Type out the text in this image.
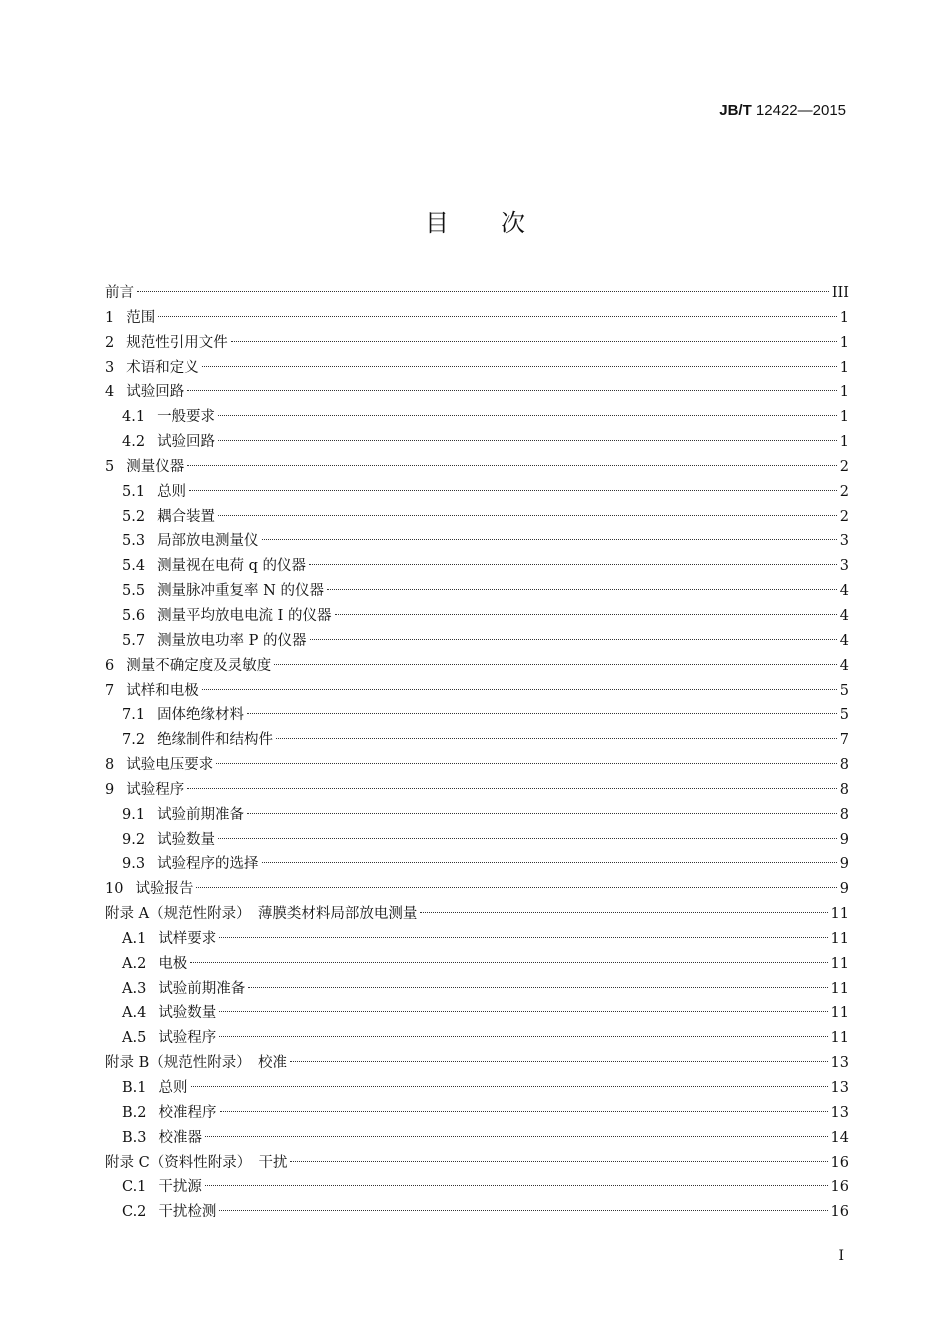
JB/T 12422—2015
目次
前言	III
1 范围	1
2 规范性引用文件	1
3 术语和定义	1
4 试验回路	1
4.1 一般要求	1
4.2 试验回路	1
5 测量仪器	2
5.1 总则	2
5.2 耦合装置	2
5.3 局部放电测量仪	3
5.4 测量视在电荷 q 的仪器	3
5.5 测量脉冲重复率 N 的仪器	4
5.6 测量平均放电电流 I 的仪器	4
5.7 测量放电功率 P 的仪器	4
6 测量不确定度及灵敏度	4
7 试样和电极	5
7.1 固体绝缘材料	5
7.2 绝缘制件和结构件	7
8 试验电压要求	8
9 试验程序	8
9.1 试验前期准备	8
9.2 试验数量	9
9.3 试验程序的选择	9
10 试验报告	9
附录 A（规范性附录）　薄膜类材料局部放电测量	11
A.1 试样要求	11
A.2 电极	11
A.3 试验前期准备	11
A.4 试验数量	11
A.5 试验程序	11
附录 B（规范性附录）　校准	13
B.1 总则	13
B.2 校准程序	13
B.3 校准器	14
附录 C（资料性附录）　干扰	16
C.1 干扰源	16
C.2 干扰检测	16
I
